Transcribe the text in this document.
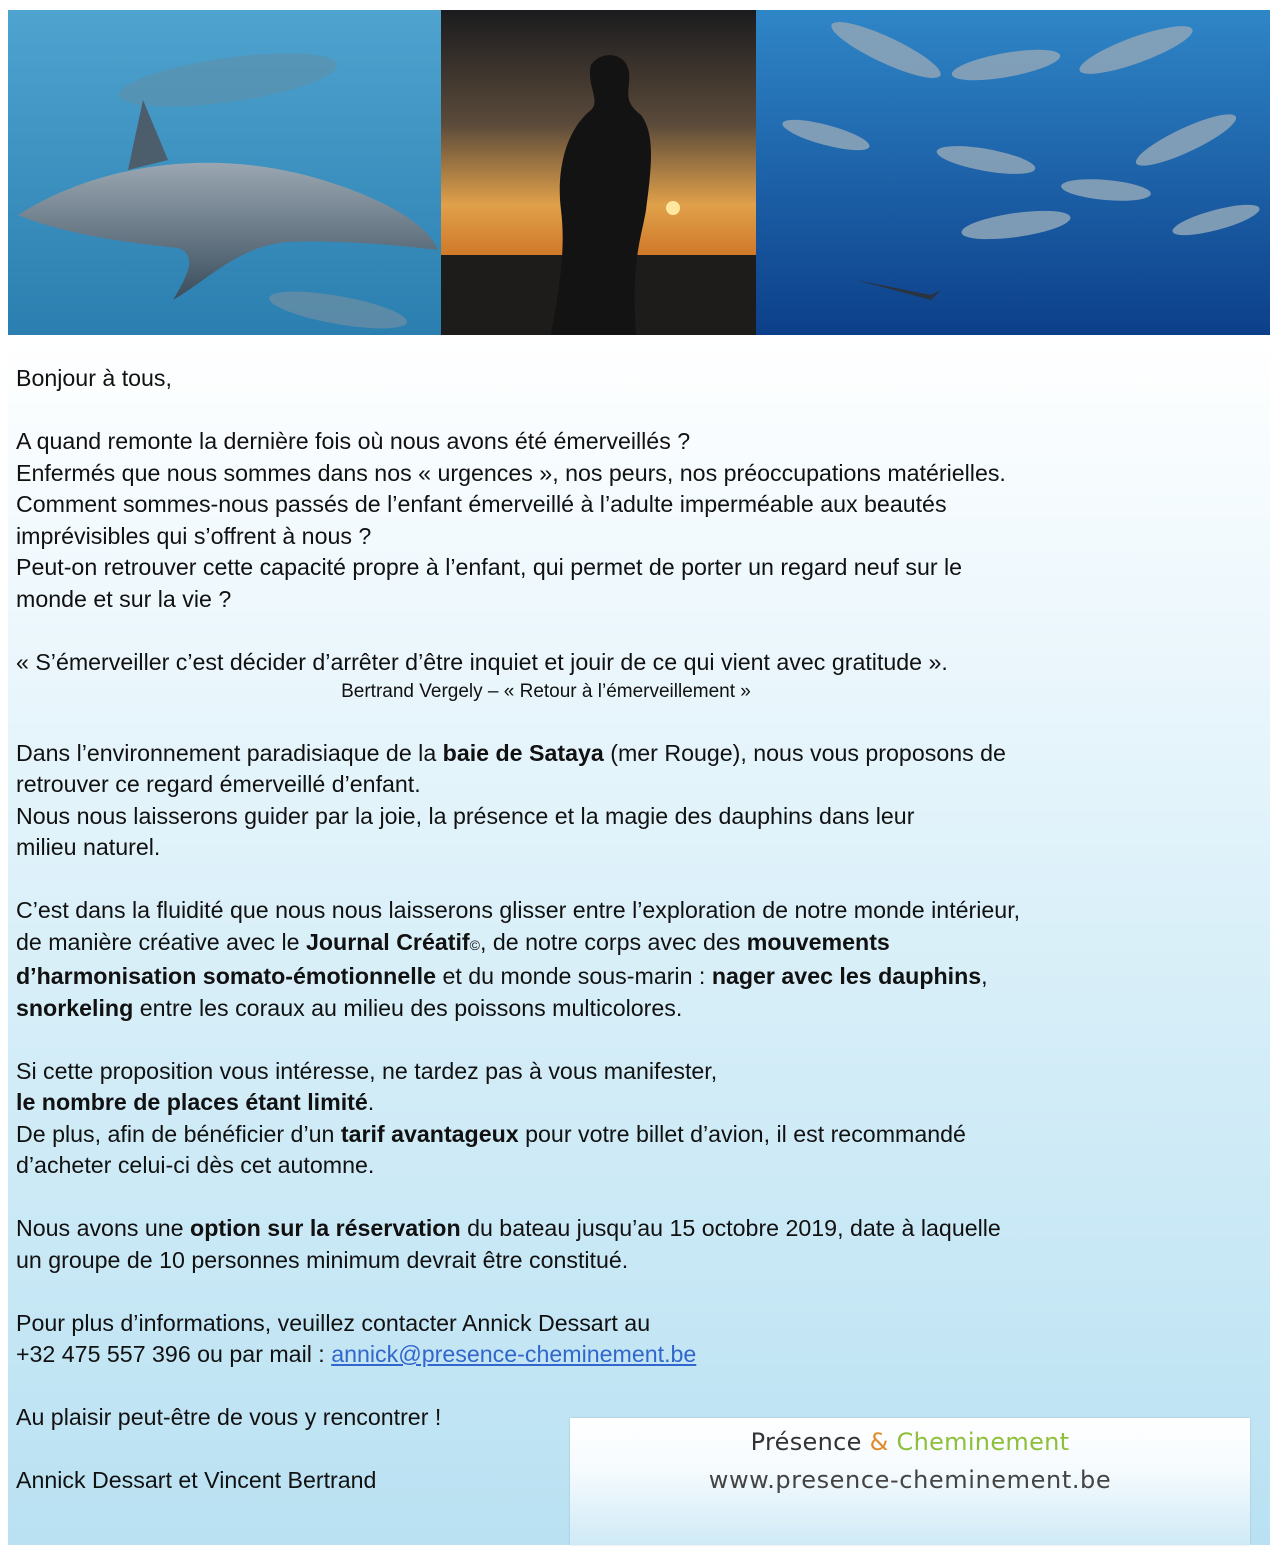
Bonjour à tous,

A quand remonte la dernière fois où nous avons été émerveillés ?
Enfermés que nous sommes dans nos « urgences », nos peurs, nos préoccupations matérielles.
Comment sommes-nous passés de l’enfant émerveillé à l’adulte imperméable aux beautés
imprévisibles qui s’offrent à nous ?
Peut-on retrouver cette capacité propre à l’enfant, qui permet de porter un regard neuf sur le
monde et sur la vie ?

« S’émerveiller c’est décider d’arrêter d’être inquiet et jouir de ce qui vient avec gratitude ».

Bertrand Vergely – « Retour à l’émerveillement »

Dans l’environnement paradisiaque de la baie de Sataya (mer Rouge), nous vous proposons de
retrouver ce regard émerveillé d’enfant.
Nous nous laisserons guider par la joie, la présence et la magie des dauphins dans leur
milieu naturel.

C’est dans la fluidité que nous nous laisserons glisser entre l’exploration de notre monde intérieur,
de manière créative avec le Journal Créatif©, de notre corps avec des mouvements
d’harmonisation somato-émotionnelle et du monde sous-marin : nager avec les dauphins,
snorkeling entre les coraux au milieu des poissons multicolores.

Si cette proposition vous intéresse, ne tardez pas à vous manifester,
le nombre de places étant limité.
De plus, afin de bénéficier d’un tarif avantageux pour votre billet d’avion, il est recommandé
d’acheter celui-ci dès cet automne.

Nous avons une option sur la réservation du bateau jusqu’au 15 octobre 2019, date à laquelle
un groupe de 10 personnes minimum devrait être constitué.

Pour plus d’informations, veuillez contacter Annick Dessart au
+32 475 557 396 ou par mail : annick@presence-cheminement.be

Au plaisir peut-être de vous y rencontrer !

Annick Dessart et Vincent Bertrand

Présence & Cheminement
www.presence-cheminement.be
